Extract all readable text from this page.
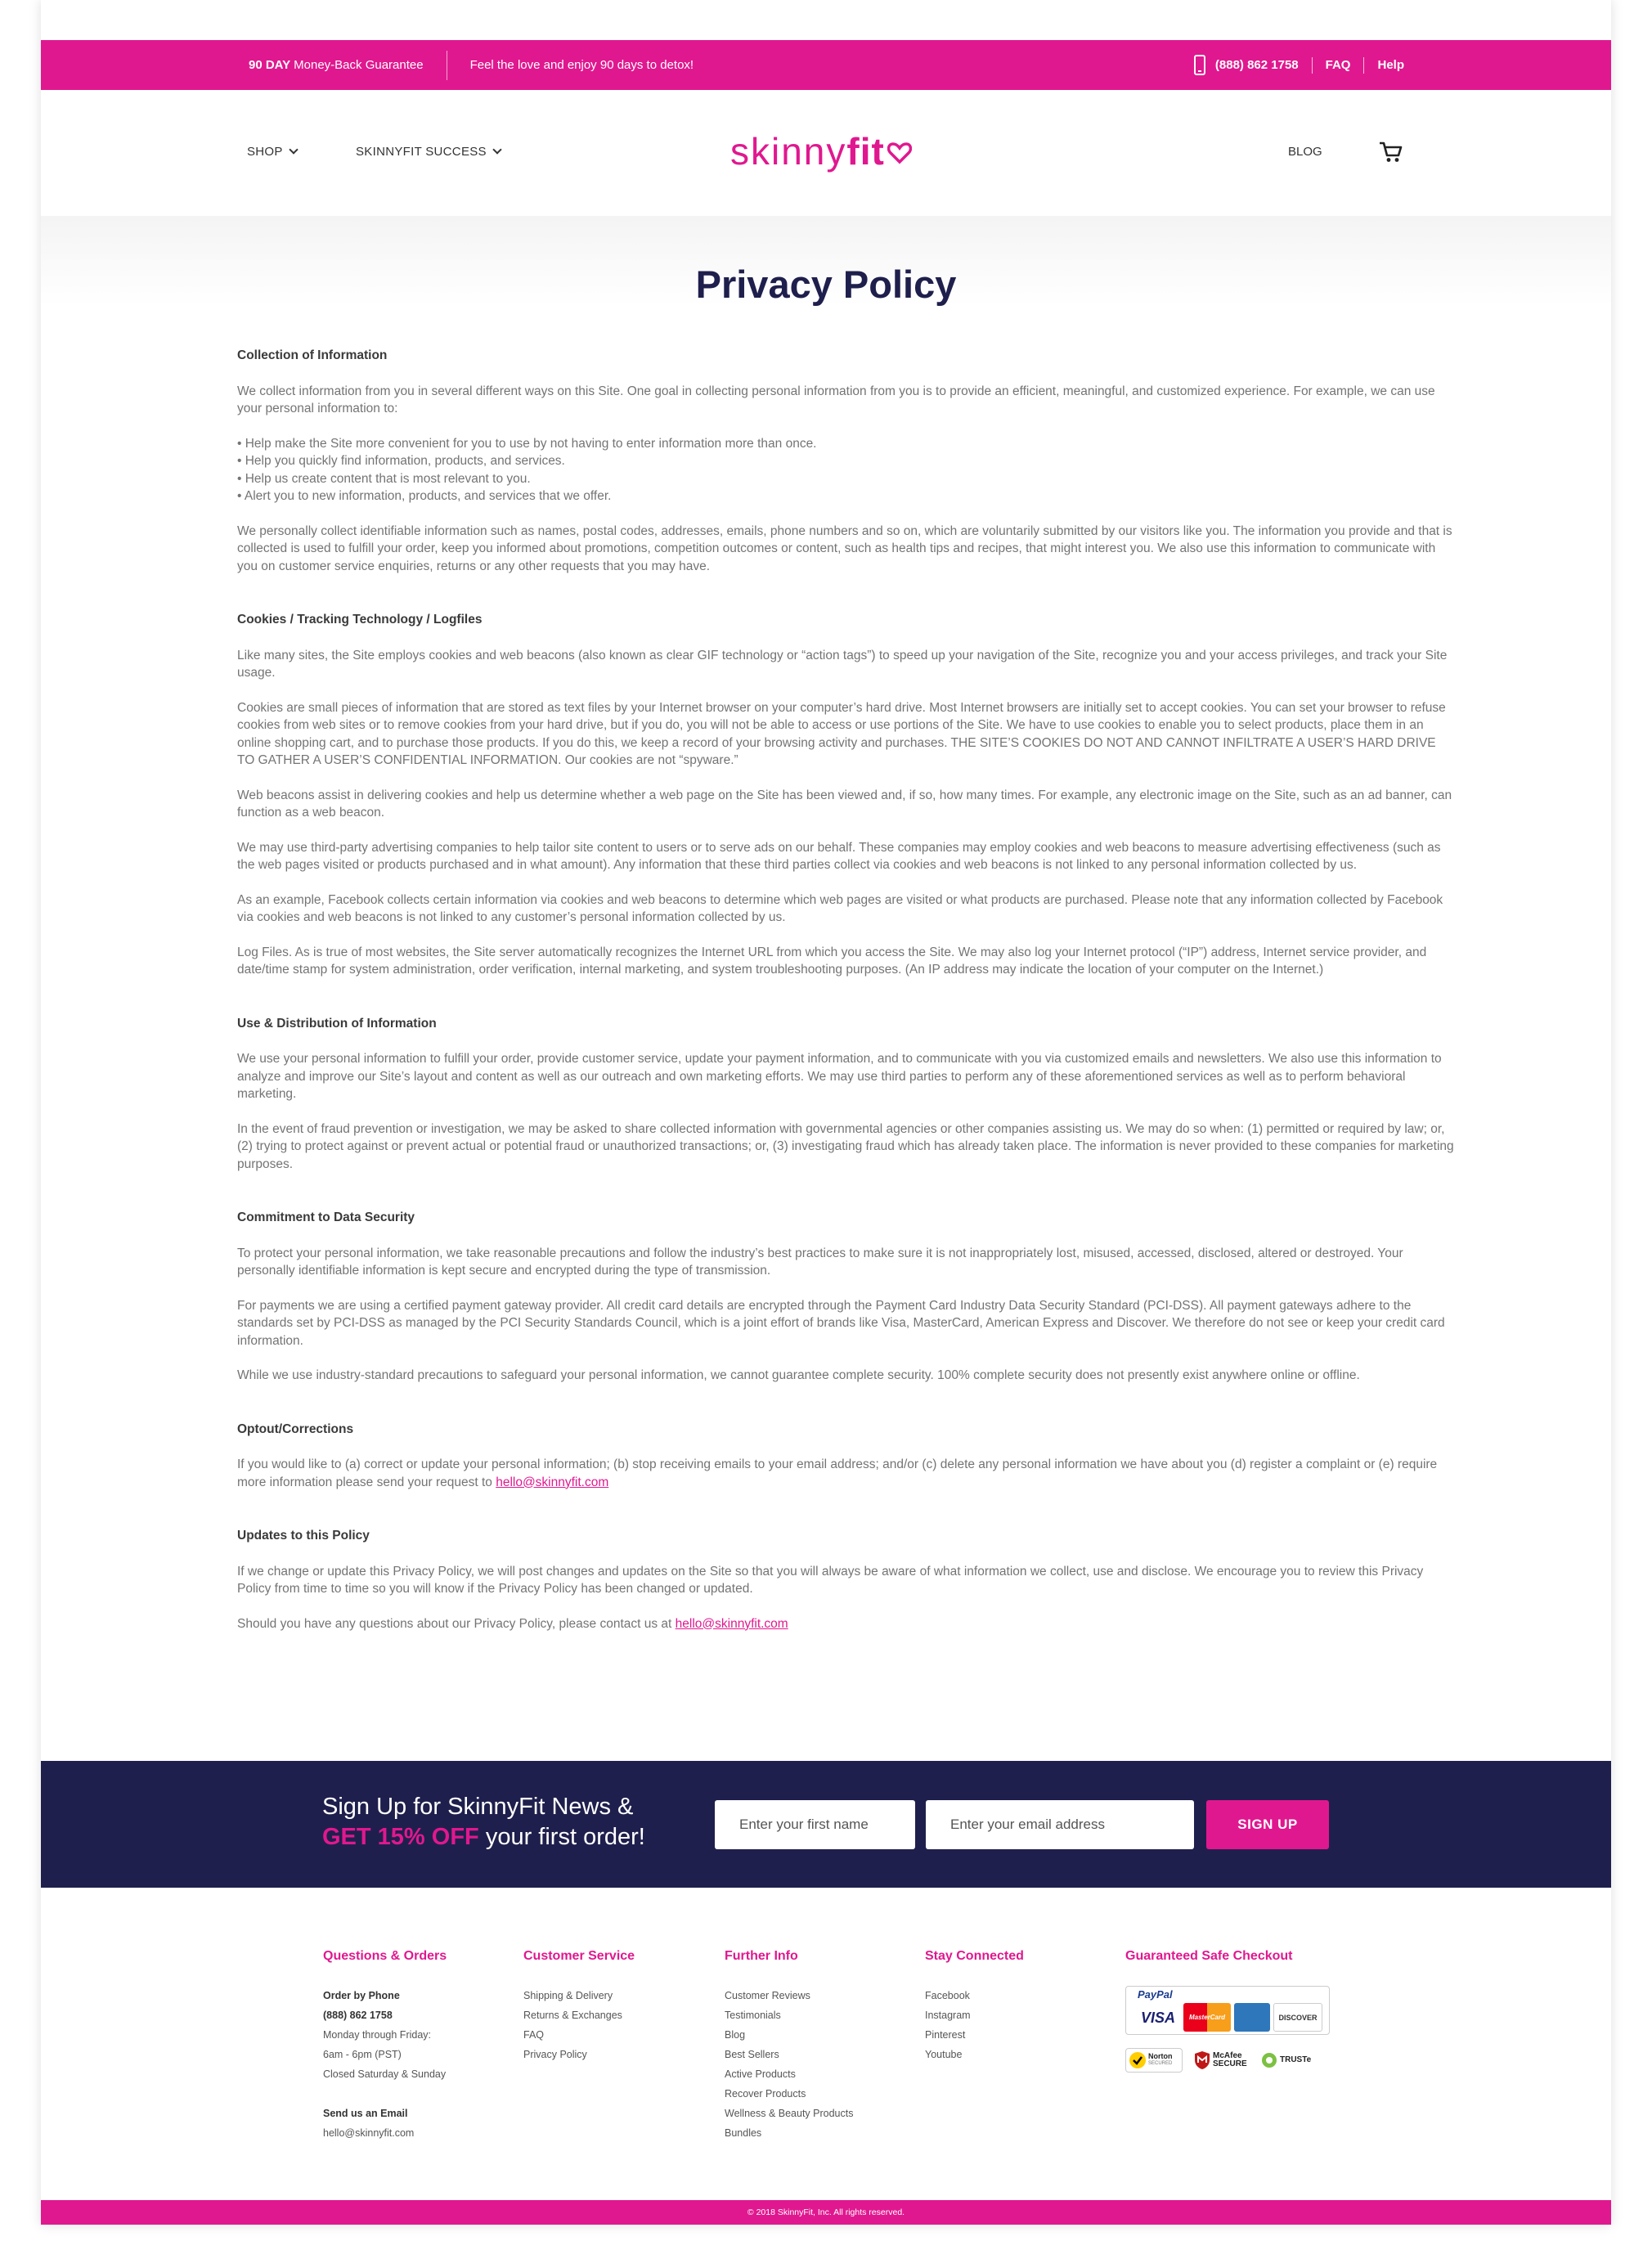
90 DAY Money-Back Guarantee	Feel the love and enjoy 90 days to detox!	(888) 862 1758 FAQ Help
SHOP	SKINNYFIT SUCCESS	skinny fit	BLOG
Privacy Policy
Collection of Information

We collect information from you in several different ways on this Site. One goal in collecting personal information from you is to provide an efficient, meaningful, and customized experience. For example, we can use your personal information to:

• Help make the Site more convenient for you to use by not having to enter information more than once.
• Help you quickly find information, products, and services.
• Help us create content that is most relevant to you.
• Alert you to new information, products, and services that we offer.

We personally collect identifiable information such as names, postal codes, addresses, emails, phone numbers and so on, which are voluntarily submitted by our visitors like you. The information you provide and that is collected is used to fulfill your order, keep you informed about promotions, competition outcomes or content, such as health tips and recipes, that might interest you. We also use this information to communicate with you on customer service enquiries, returns or any other requests that you may have.

Cookies / Tracking Technology / Logfiles

Like many sites, the Site employs cookies and web beacons (also known as clear GIF technology or “action tags”) to speed up your navigation of the Site, recognize you and your access privileges, and track your Site usage.

Cookies are small pieces of information that are stored as text files by your Internet browser on your computer’s hard drive. Most Internet browsers are initially set to accept cookies. You can set your browser to refuse cookies from web sites or to remove cookies from your hard drive, but if you do, you will not be able to access or use portions of the Site. We have to use cookies to enable you to select products, place them in an online shopping cart, and to purchase those products. If you do this, we keep a record of your browsing activity and purchases. THE SITE’S COOKIES DO NOT AND CANNOT INFILTRATE A USER’S HARD DRIVE TO GATHER A USER’S CONFIDENTIAL INFORMATION. Our cookies are not “spyware.”

Web beacons assist in delivering cookies and help us determine whether a web page on the Site has been viewed and, if so, how many times. For example, any electronic image on the Site, such as an ad banner, can function as a web beacon.

We may use third-party advertising companies to help tailor site content to users or to serve ads on our behalf. These companies may employ cookies and web beacons to measure advertising effectiveness (such as the web pages visited or products purchased and in what amount). Any information that these third parties collect via cookies and web beacons is not linked to any personal information collected by us.

As an example, Facebook collects certain information via cookies and web beacons to determine which web pages are visited or what products are purchased. Please note that any information collected by Facebook via cookies and web beacons is not linked to any customer’s personal information collected by us.

Log Files. As is true of most websites, the Site server automatically recognizes the Internet URL from which you access the Site. We may also log your Internet protocol (“IP”) address, Internet service provider, and date/time stamp for system administration, order verification, internal marketing, and system troubleshooting purposes. (An IP address may indicate the location of your computer on the Internet.)

Use & Distribution of Information

We use your personal information to fulfill your order, provide customer service, update your payment information, and to communicate with you via customized emails and newsletters. We also use this information to analyze and improve our Site’s layout and content as well as our outreach and own marketing efforts. We may use third parties to perform any of these aforementioned services as well as to perform behavioral marketing.

In the event of fraud prevention or investigation, we may be asked to share collected information with governmental agencies or other companies assisting us. We may do so when: (1) permitted or required by law; or, (2) trying to protect against or prevent actual or potential fraud or unauthorized transactions; or, (3) investigating fraud which has already taken place. The information is never provided to these companies for marketing purposes.

Commitment to Data Security

To protect your personal information, we take reasonable precautions and follow the industry’s best practices to make sure it is not inappropriately lost, misused, accessed, disclosed, altered or destroyed. Your personally identifiable information is kept secure and encrypted during the type of transmission.

For payments we are using a certified payment gateway provider. All credit card details are encrypted through the Payment Card Industry Data Security Standard (PCI-DSS). All payment gateways adhere to the standards set by PCI-DSS as managed by the PCI Security Standards Council, which is a joint effort of brands like Visa, MasterCard, American Express and Discover. We therefore do not see or keep your credit card information.

While we use industry-standard precautions to safeguard your personal information, we cannot guarantee complete security. 100% complete security does not presently exist anywhere online or offline.

Optout/Corrections

If you would like to (a) correct or update your personal information; (b) stop receiving emails to your email address; and/or (c) delete any personal information we have about you (d) register a complaint or (e) require more information please send your request to hello@skinnyfit.com

Updates to this Policy

If we change or update this Privacy Policy, we will post changes and updates on the Site so that you will always be aware of what information we collect, use and disclose. We encourage you to review this Privacy Policy from time to time so you will know if the Privacy Policy has been changed or updated.

Should you have any questions about our Privacy Policy, please contact us at hello@skinnyfit.com

Sign Up for SkinnyFit News &
GET 15% OFF your first order!
Enter your first name
Enter your email address	SIGN UP
Questions & Orders
Order by Phone
(888) 862 1758
Monday through Friday:
6am - 6pm (PST)
Closed Saturday & Sunday
Send us an Email
hello@skinnyfit.com
Customer Service
Shipping & Delivery
Returns & Exchanges
FAQ
Privacy Policy
Further Info
Customer Reviews
Testimonials
Blog
Best Sellers
Active Products
Recover Products
Wellness & Beauty Products
Bundles
Stay Connected
Facebook
Instagram
Pinterest
Youtube
Guaranteed Safe Checkout
PayPal
VISA	MasterCard	DISCOVER
Norton
SECURED
McAfee
SECURE	TRUSTe
© 2018 SkinnyFit, Inc. All rights reserved.
